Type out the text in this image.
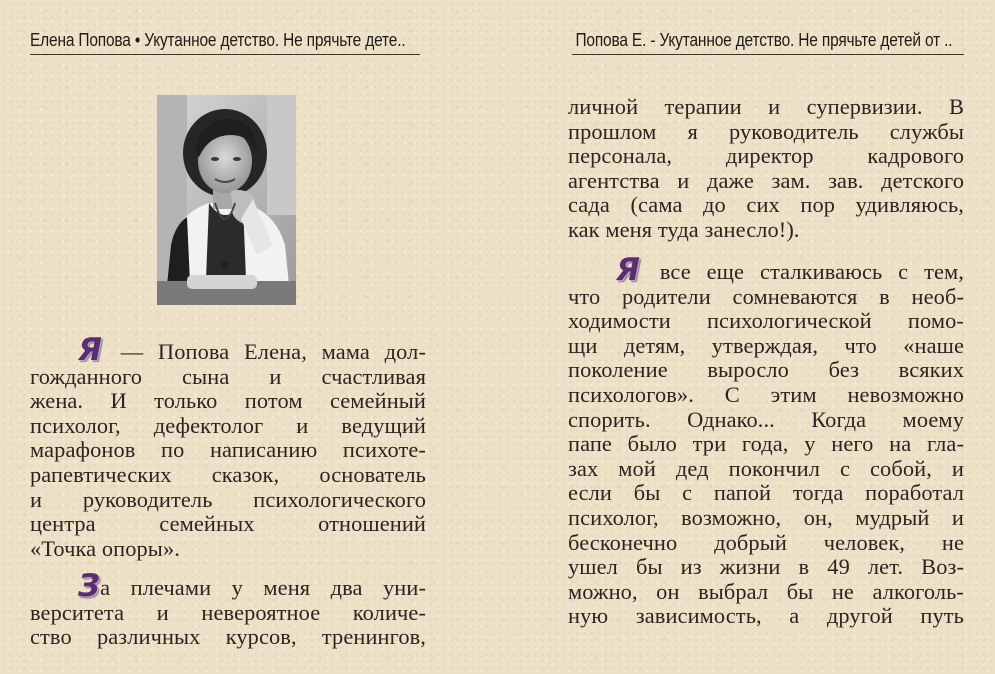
Елена Попова • Укутанное детство. Не прячьте дете..

Я — Попова Елена, мама дол-

гожданного сына и счастливая
жена. И только потом семейный
психолог, дефектолог и ведущий
марафонов по написанию психоте-
рапевтических сказок, основатель
и руководитель психологического
центра семейных отношений
«Точка опоры».

За плечами у меня два уни-

верситета и невероятное количе-
ство различных курсов, тренингов,
Попова Е. - Укутанное детство. Не прячьте детей от ..
личной терапии и супервизии. В
прошлом я руководитель службы
персонала, директор кадрового
агентства и даже зам. зав. детского
сада (сама до сих пор удивляюсь,
как меня туда занесло!).

Я все еще сталкиваюсь с тем,

что родители сомневаются в необ-
ходимости психологической помо-
щи детям, утверждая, что «наше
поколение выросло без всяких
психологов». С этим невозможно
спорить. Однако... Когда моему
папе было три года, у него на гла-
зах мой дед покончил с собой, и
если бы с папой тогда поработал
психолог, возможно, он, мудрый и
бесконечно добрый человек, не
ушел бы из жизни в 49 лет. Воз-
можно, он выбрал бы не алкоголь-
ную зависимость, а другой путь
